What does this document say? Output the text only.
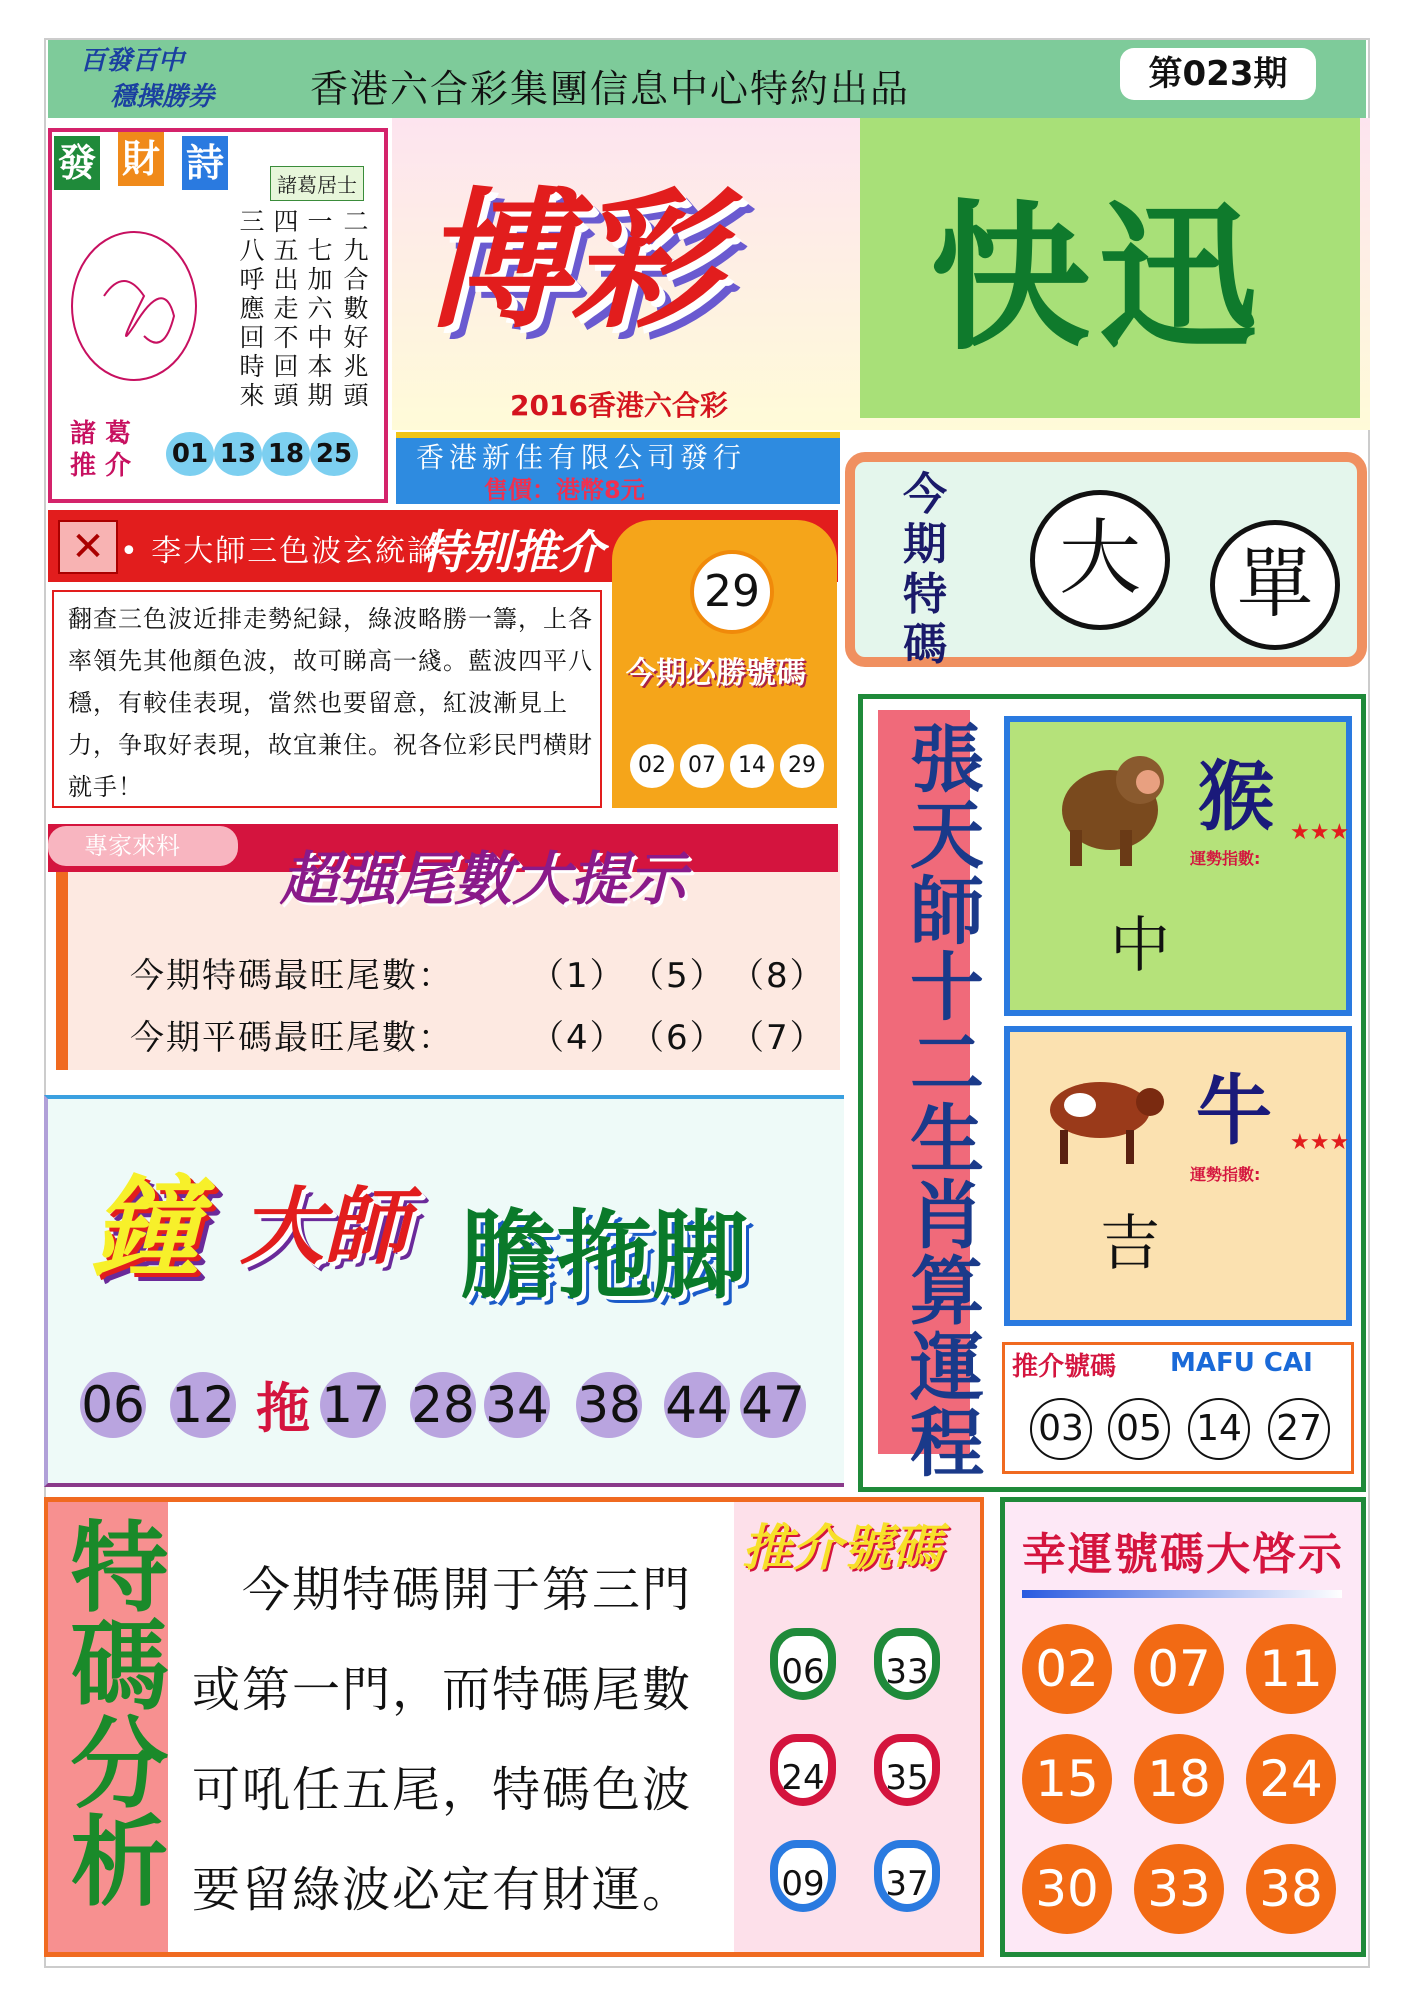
百發百中
穩操勝券	香港六合彩集團信息中心特約出品	第023期
發 財 詩	諸葛居士
二九合數好兆頭
一七加六中本期
四五出走不回頭
三八呼應回時來
諸 葛
推 介 01 13 18 25
博彩 快迅
2016香港六合彩
香港新佳有限公司發行
售價：港幣8元	今
期
特
碼
大	單
✕ • 李大師三色波玄統論
特别推介
翻查三色波近排走勢紀録，綠波略勝一籌，上各率領先其他顏色波，故可睇高一綫。藍波四平八穩，有較佳表現，當然也要留意，紅波漸見上力，争取好表現，故宜兼住。祝各位彩民門横財就手！
29
今期必勝號碼
02	07	14	29
專家來料	超强尾數大提示
今期特碼最旺尾數： （1） （5） （8）
今期平碼最旺尾數： （4） （6） （7）
鐘 大師 膽拖脚
06 12 拖 17 28 34 38 44 47 張天師十二生肖算運程	猴
運勢指數:
★★★
中
牛
運勢指數:
★★★
吉
推介號碼 MAFU CAI
03 05 14 27
特碼分析	今期特碼開于第三門
或第一門，而特碼尾數
可吼任五尾，特碼色波
要留綠波必定有財運。
推介號碼
06	33
24	35
09	37
幸運號碼大啓示
02 07 11
15 18 24
30 33 38
